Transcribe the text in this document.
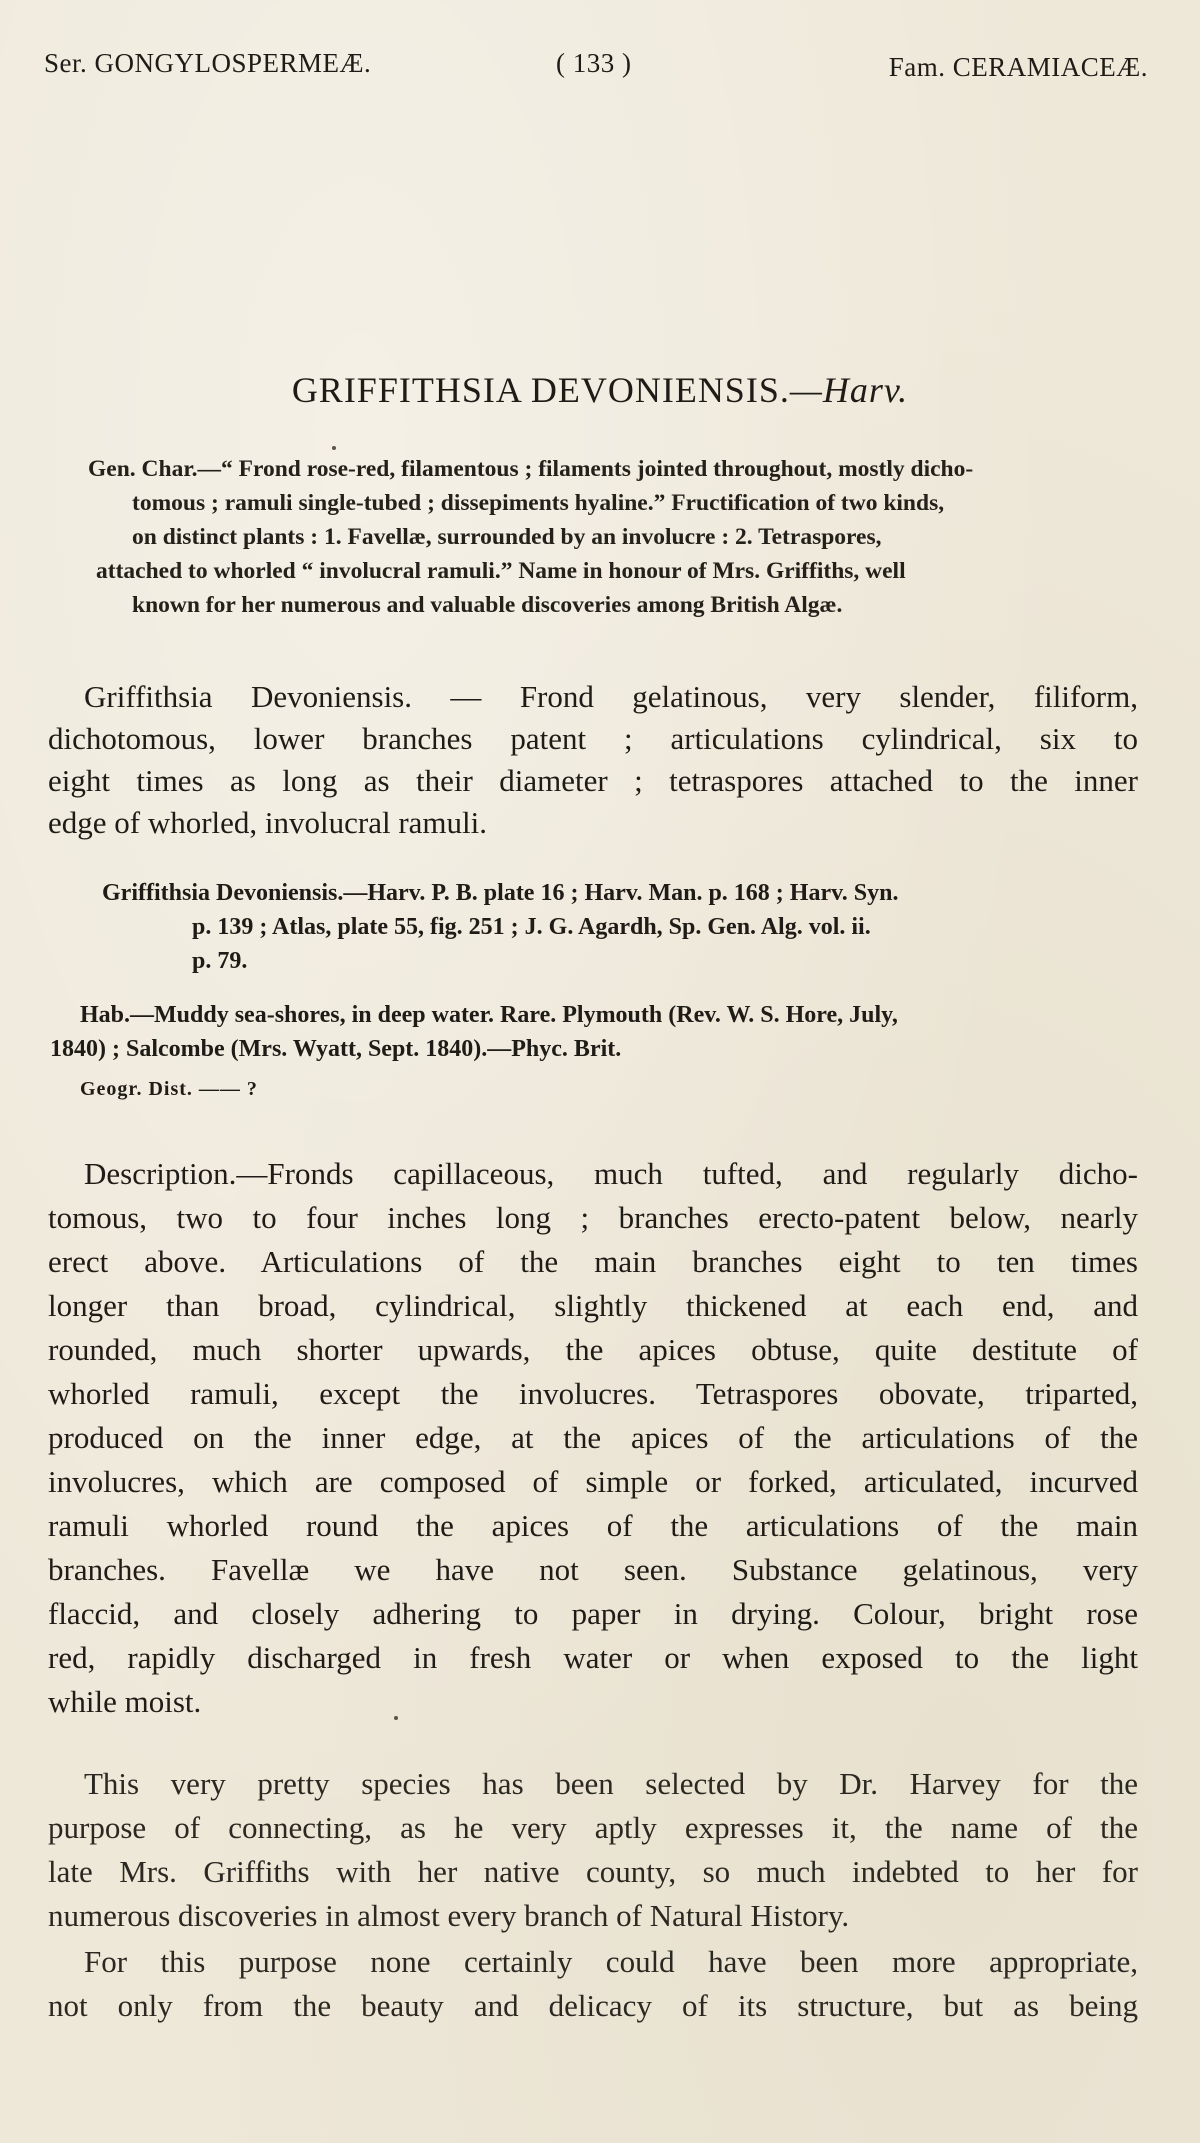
Ser. GONGYLOSPERMEÆ.	( 133 )	Fam. CERAMIACEÆ.
GRIFFITHSIA DEVONIENSIS.—Harv.
Gen. Char.—“ Frond rose-red, filamentous ; filaments jointed throughout, mostly dicho-
tomous ; ramuli single-tubed ; dissepiments hyaline.” Fructification of two kinds,
on distinct plants : 1. Favellæ, surrounded by an involucre : 2. Tetraspores,
attached to whorled “ involucral ramuli.” Name in honour of Mrs. Griffiths, well
known for her numerous and valuable discoveries among British Algæ.
Griffithsia Devoniensis. — Frond gelatinous, very slender, filiform,
dichotomous, lower branches patent ; articulations cylindrical, six to
eight times as long as their diameter ; tetraspores attached to the inner
edge of whorled, involucral ramuli.
Griffithsia Devoniensis.—Harv. P. B. plate 16 ; Harv. Man. p. 168 ; Harv. Syn.
p. 139 ; Atlas, plate 55, fig. 251 ; J. G. Agardh, Sp. Gen. Alg. vol. ii.
p. 79.
Hab.—Muddy sea-shores, in deep water. Rare. Plymouth (Rev. W. S. Hore, July,
1840) ; Salcombe (Mrs. Wyatt, Sept. 1840).—Phyc. Brit.
Geogr. Dist. —— ?
Description.—Fronds capillaceous, much tufted, and regularly dicho-
tomous, two to four inches long ; branches erecto-patent below, nearly
erect above. Articulations of the main branches eight to ten times
longer than broad, cylindrical, slightly thickened at each end, and
rounded, much shorter upwards, the apices obtuse, quite destitute of
whorled ramuli, except the involucres. Tetraspores obovate, triparted,
produced on the inner edge, at the apices of the articulations of the
involucres, which are composed of simple or forked, articulated, incurved
ramuli whorled round the apices of the articulations of the main
branches. Favellæ we have not seen. Substance gelatinous, very
flaccid, and closely adhering to paper in drying. Colour, bright rose
red, rapidly discharged in fresh water or when exposed to the light
while moist.
This very pretty species has been selected by Dr. Harvey for the
purpose of connecting, as he very aptly expresses it, the name of the
late Mrs. Griffiths with her native county, so much indebted to her for
numerous discoveries in almost every branch of Natural History.
For this purpose none certainly could have been more appropriate,
not only from the beauty and delicacy of its structure, but as being
